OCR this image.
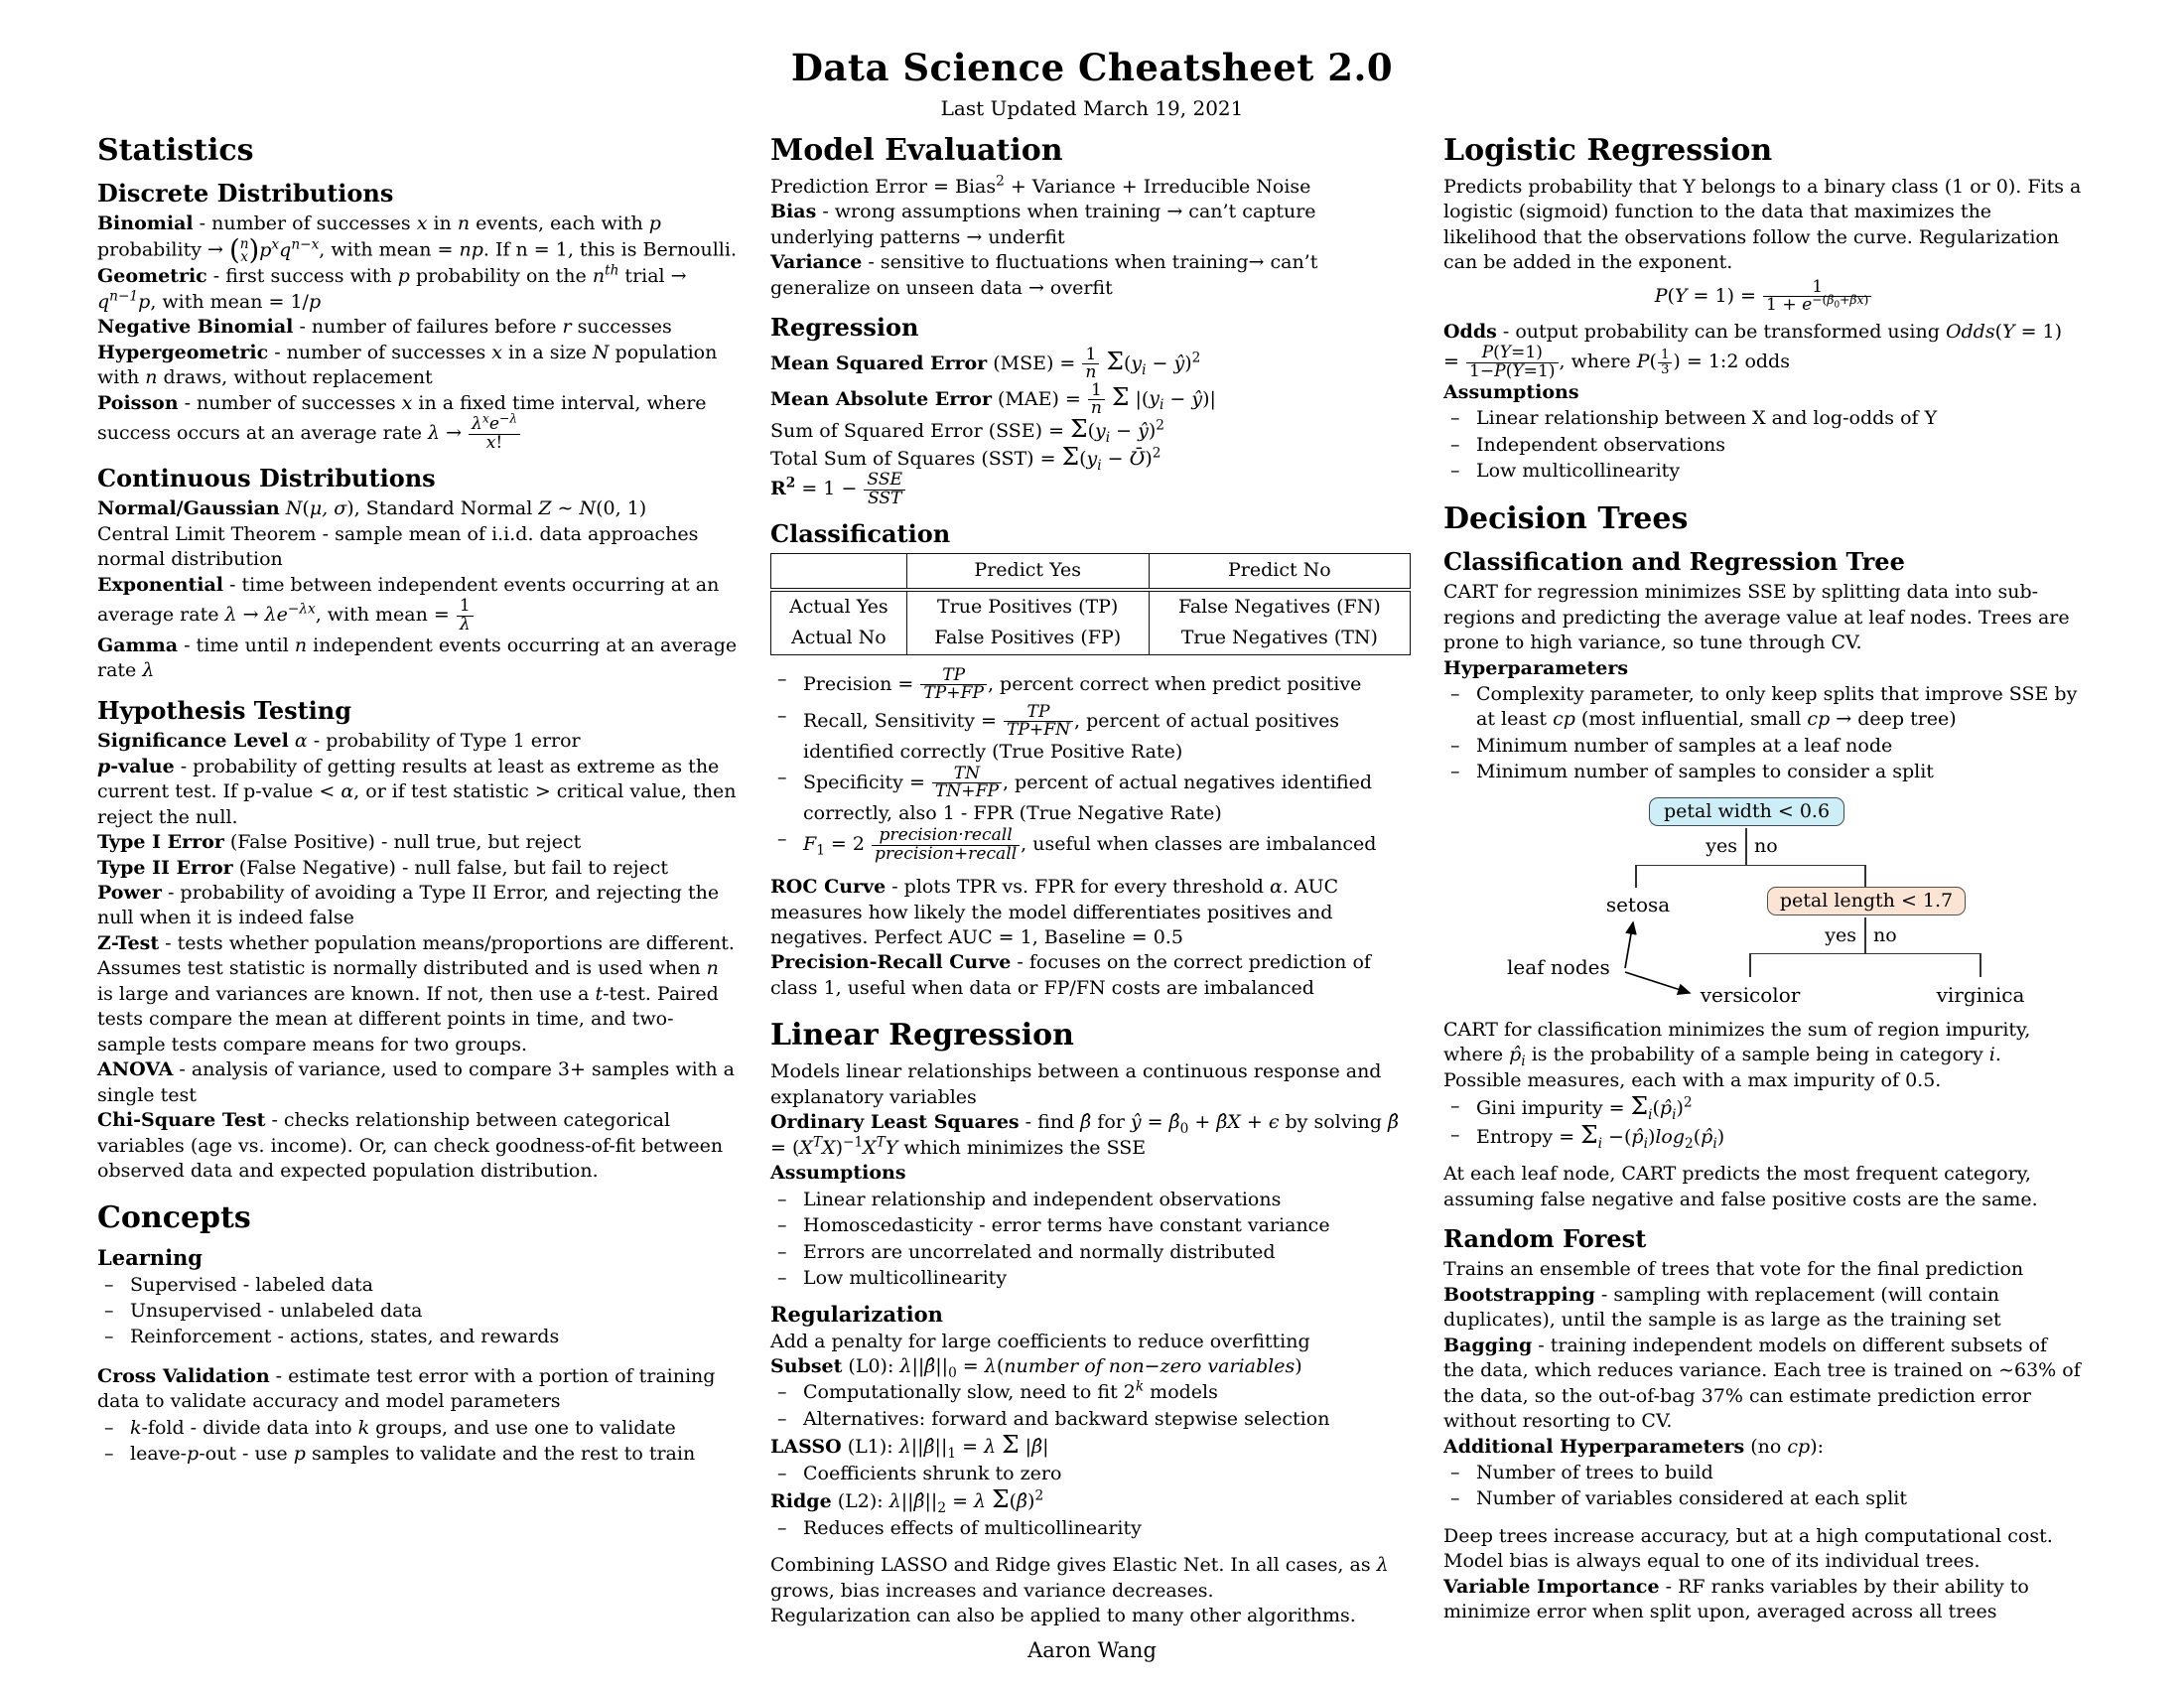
Data Science Cheatsheet 2.0
Last Updated March 19, 2021
Statistics
Discrete Distributions
Binomial - number of successes x in n events, each with p probability → ( n
x )$p^xq^{n-x}$, with mean = np. If n = 1, this is Bernoulli.
Geometric - first success with p probability on the $n^{th}$ trial → $q^{n-1}p$, with mean = 1/p
Negative Binomial - number of failures before r successes
Hypergeometric - number of successes x in a size N population with n draws, without replacement
Poisson - number of successes x in a fixed time interval, where success occurs at an average rate $\lambda \to \frac{\lambda^xe^{-\lambda}}{x!}$
Continuous Distributions
Normal/Gaussian N(μ, σ), Standard Normal Z ∼ N(0, 1)
Central Limit Theorem - sample mean of i.i.d. data approaches normal distribution
Exponential - time between independent events occurring at an average rate $\lambda \to \lambda e^{-\lambda x}$, with mean = $\frac{1}{\lambda}$

Gamma - time until n independent events occurring at an average rate λ
Hypothesis Testing
Significance Level α - probability of Type 1 error
p-value - probability of getting results at least as extreme as the current test. If p-value < α, or if test statistic > critical value, then reject the null.
Type I Error (False Positive) - null true, but reject
Type II Error (False Negative) - null false, but fail to reject
Power - probability of avoiding a Type II Error, and rejecting the null when it is indeed false
Z-Test - tests whether population means/proportions are different. Assumes test statistic is normally distributed and is used when n is large and variances are known. If not, then use a t-test. Paired tests compare the mean at different points in time, and two-sample tests compare means for two groups.
ANOVA - analysis of variance, used to compare 3+ samples with a single test
Chi-Square Test - checks relationship between categorical variables (age vs. income). Or, can check goodness-of-fit between observed data and expected population distribution.
Concepts
Learning
– Supervised - labeled data
– Unsupervised - unlabeled data
– Reinforcement - actions, states, and rewards
Cross Validation - estimate test error with a portion of training data to validate accuracy and model parameters
– k-fold - divide data into k groups, and use one to validate
– leave-p-out - use p samples to validate and the rest to train
Model Evaluation
Prediction Error = Bias$^2$ + Variance + Irreducible Noise
Bias - wrong assumptions when training → can’t capture underlying patterns → underfit
Variance - sensitive to fluctuations when training→ can’t generalize on unseen data → overfit
Regression
Mean Squared Error $(MSE) = \frac{1}{n} \Sigma(y_i$ − ŷ)$^2$
Mean Absolute Error $(MAE) = \frac{1}{n}$ Σ $|(y_i$ − ŷ)|
Sum of Squared Error $(SSE) = \Sigma(y_i$ − ŷ)$^2$
Total Sum of Squares $(SST) = \Sigma(y_i$ − Ʊ̄)$^2$
$R^2 = 1 - \frac{\text{SSE}}{\text{SST}}$
Classification
	Predict Yes	Predict No
Actual Yes	True Positives (TP)	False Negatives (FN)
Actual No	False Positives (FP)	True Negatives (TN)
– Precision = $\frac{TP}{TP+FP}$ , percent correct when predict positive
– Recall, Sensitivity = $\frac{TP}{TP+FN}$ , percent of actual positives identified correctly (True Positive Rate)
– Specificity = $\frac{TN}{TN+FP}$ , percent of actual negatives identified correctly, also 1 - FPR (True Negative Rate)
– $F_1 = 2 \frac{\text{precision·recall}}{\text{precision+recall}}$ , useful when classes are imbalanced
ROC Curve - plots TPR vs. FPR for every threshold α. AUC measures how likely the model differentiates positives and negatives. Perfect AUC = 1, Baseline = 0.5
Precision-Recall Curve - focuses on the correct prediction of class 1, useful when data or FP/FN costs are imbalanced
Linear Regression
Models linear relationships between a continuous response and explanatory variables
Ordinary Least Squares - find β̂ for ŷ = $\betâ_0$ + β̂X + ϵ by solving β̂ = $(X^TX)^{-1}X^TY$ which minimizes the SSE
Assumptions
– Linear relationship and independent observations
– Homoscedasticity - error terms have constant variance
– Errors are uncorrelated and normally distributed
– Low multicollinearity
Regularization
Add a penalty for large coefficients to reduce overfitting
Subset (L0): $\lambda||\betâ||_0$ = λ(number of non−zero variables)
– Computationally slow, need to fit 2$^k$ models
– Alternatives: forward and backward stepwise selection
LASSO (L1): $\lambda||\betâ||_1 = \lambda$ Σ |β̂|
– Coefficients shrunk to zero
Ridge (L2): $\lambda||\betâ||_2 = \lambda$ Σ(β̂)$^2$
– Reduces effects of multicollinearity
Combining LASSO and Ridge gives Elastic Net. In all cases, as λ grows, bias increases and variance decreases.
Regularization can also be applied to many other algorithms.
Logistic Regression
Predicts probability that Y belongs to a binary class (1 or 0). Fits a logistic (sigmoid) function to the data that maximizes the likelihood that the observations follow the curve. Regularization can be added in the exponent.
$P(Y = 1) = \frac{1}{1 + e^{-(\beta_0+\beta x)}}$
Odds - output probability can be transformed using Odds(Y = $1) = \frac{P(Y=1)}{1-P(Y=1)}$ , where $P( \frac{1}{3}$ ) = 1:2 odds
Assumptions
– Linear relationship between X and log-odds of Y
– Independent observations
– Low multicollinearity
Decision Trees
Classification and Regression Tree
CART for regression minimizes SSE by splitting data into sub-regions and predicting the average value at leaf nodes. Trees are prone to high variance, so tune through CV.
Hyperparameters
– Complexity parameter, to only keep splits that improve SSE by at least cp (most influential, small cp → deep tree)
– Minimum number of samples at a leaf node
– Minimum number of samples to consider a split
petal width < 0.6
yes no
setosa	petal length < 1.7
yes no
versicolor	virginica
leaf nodes
CART for classification minimizes the sum of region impurity, where $p̂_i$ is the probability of a sample being in category i. Possible measures, each with a max impurity of 0.5.
– Gini impurity = $\Sigma_i(p̂_i)^2$
– Entropy = $\Sigma_i$ $-(p̂_i)\log_2(p̂_i)$
At each leaf node, CART predicts the most frequent category, assuming false negative and false positive costs are the same.
Random Forest
Trains an ensemble of trees that vote for the final prediction
Bootstrapping - sampling with replacement (will contain duplicates), until the sample is as large as the training set
Bagging - training independent models on different subsets of the data, which reduces variance. Each tree is trained on ∼63% of the data, so the out-of-bag 37% can estimate prediction error without resorting to CV.
Additional Hyperparameters (no cp):
– Number of trees to build
– Number of variables considered at each split
Deep trees increase accuracy, but at a high computational cost. Model bias is always equal to one of its individual trees.
Variable Importance - RF ranks variables by their ability to minimize error when split upon, averaged across all trees
Aaron Wang
